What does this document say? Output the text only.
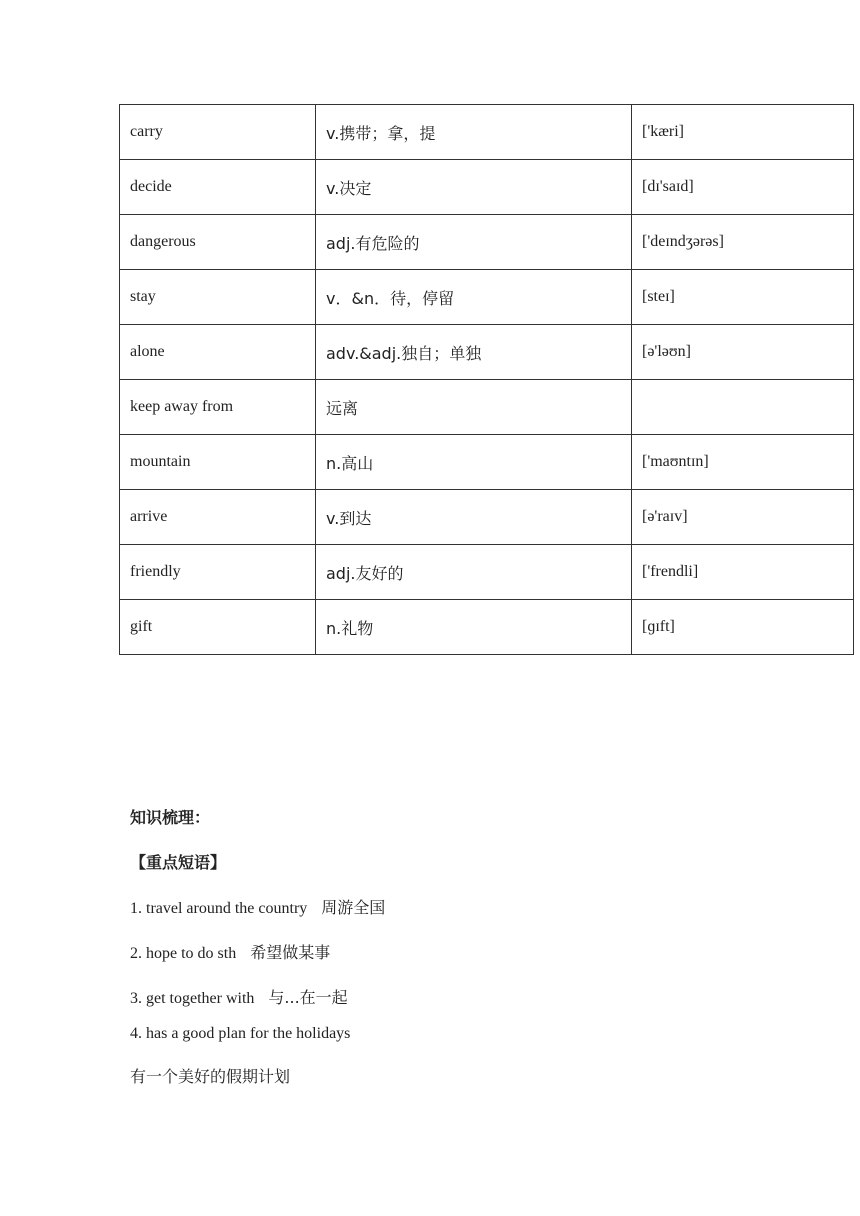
carry	v.携带；拿，提	['kæri]
decide	v.决定	[dɪ'saɪd]
dangerous	adj.有危险的	['deɪndʒərəs]
stay	v．&n．待，停留	[steɪ]
alone	adv.&adj.独自；单独	[ə'ləʊn]
keep away from	远离	
mountain	n.高山	['maʊntɪn]
arrive	v.到达	[ə'raɪv]
friendly	adj.友好的	['frendli]
gift	n.礼物	[ɡɪft]
知识梳理：
【重点短语】
1. travel around the country 周游全国
2. hope to do sth 希望做某事
3. get together with 与...在一起
4. has a good plan for the holidays
有一个美好的假期计划
